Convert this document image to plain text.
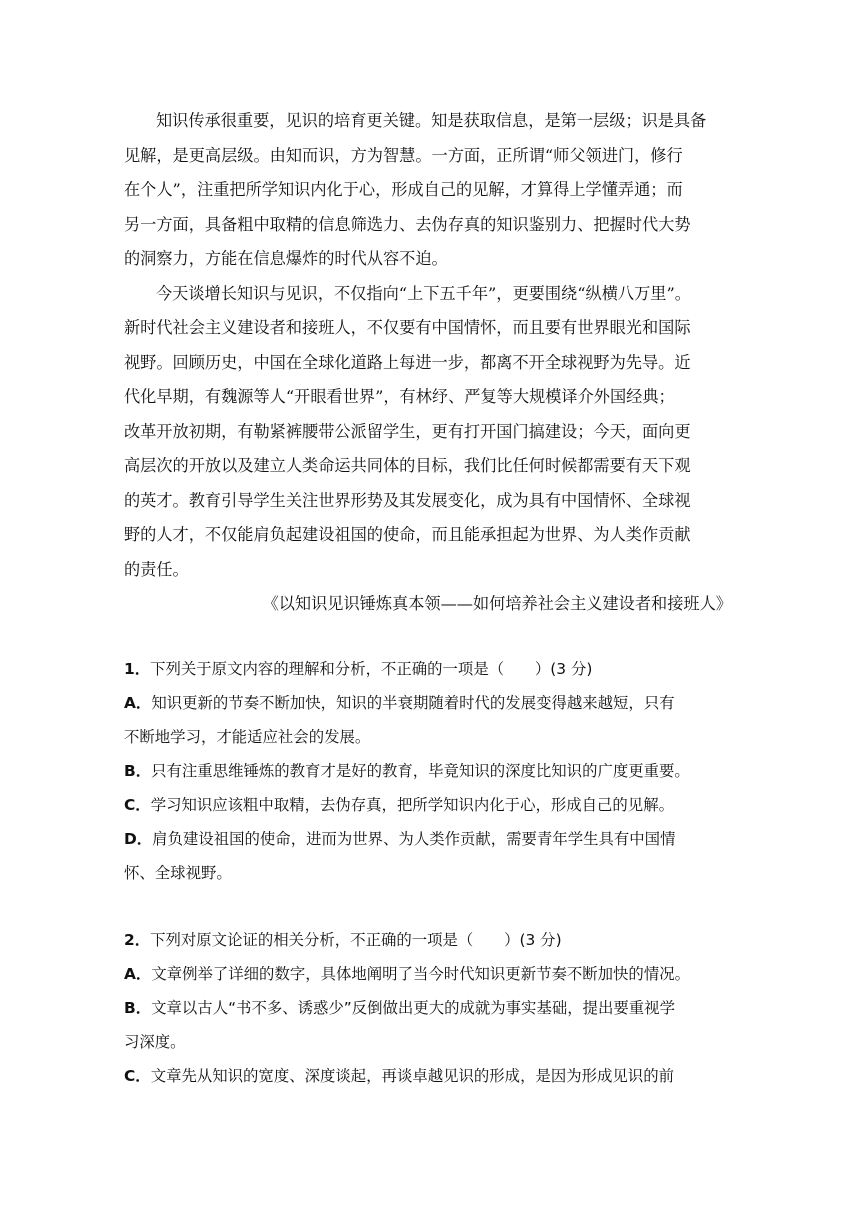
知识传承很重要，见识的培育更关键。知是获取信息，是第一层级；识是具备
见解，是更高层级。由知而识，方为智慧。一方面，正所谓“师父领进门，修行
在个人”，注重把所学知识内化于心，形成自己的见解，才算得上学懂弄通；而
另一方面，具备粗中取精的信息筛选力、去伪存真的知识鉴别力、把握时代大势
的洞察力，方能在信息爆炸的时代从容不迫。
今天谈增长知识与见识，不仅指向“上下五千年”，更要围绕“纵横八万里”。
新时代社会主义建设者和接班人，不仅要有中国情怀，而且要有世界眼光和国际
视野。回顾历史，中国在全球化道路上每进一步，都离不开全球视野为先导。近
代化早期，有魏源等人“开眼看世界”，有林纾、严复等大规模译介外国经典；
改革开放初期，有勒紧裤腰带公派留学生，更有打开国门搞建设；今天，面向更
高层次的开放以及建立人类命运共同体的目标，我们比任何时候都需要有天下观
的英才。教育引导学生关注世界形势及其发展变化，成为具有中国情怀、全球视
野的人才，不仅能肩负起建设祖国的使命，而且能承担起为世界、为人类作贡献
的责任。

《以知识见识锤炼真本领——如何培养社会主义建设者和接班人》

1．下列关于原文内容的理解和分析，不正确的一项是（　　）(3 分)
A．知识更新的节奏不断加快，知识的半衰期随着时代的发展变得越来越短，只有
不断地学习，才能适应社会的发展。
B．只有注重思维锤炼的教育才是好的教育，毕竟知识的深度比知识的广度更重要。
C．学习知识应该粗中取精，去伪存真，把所学知识内化于心，形成自己的见解。
D．肩负建设祖国的使命，进而为世界、为人类作贡献，需要青年学生具有中国情
怀、全球视野。
2．下列对原文论证的相关分析，不正确的一项是（　　）(3 分)
A．文章例举了详细的数字，具体地阐明了当今时代知识更新节奏不断加快的情况。
B．文章以古人“书不多、诱惑少”反倒做出更大的成就为事实基础，提出要重视学
习深度。
C．文章先从知识的宽度、深度谈起，再谈卓越见识的形成，是因为形成见识的前
